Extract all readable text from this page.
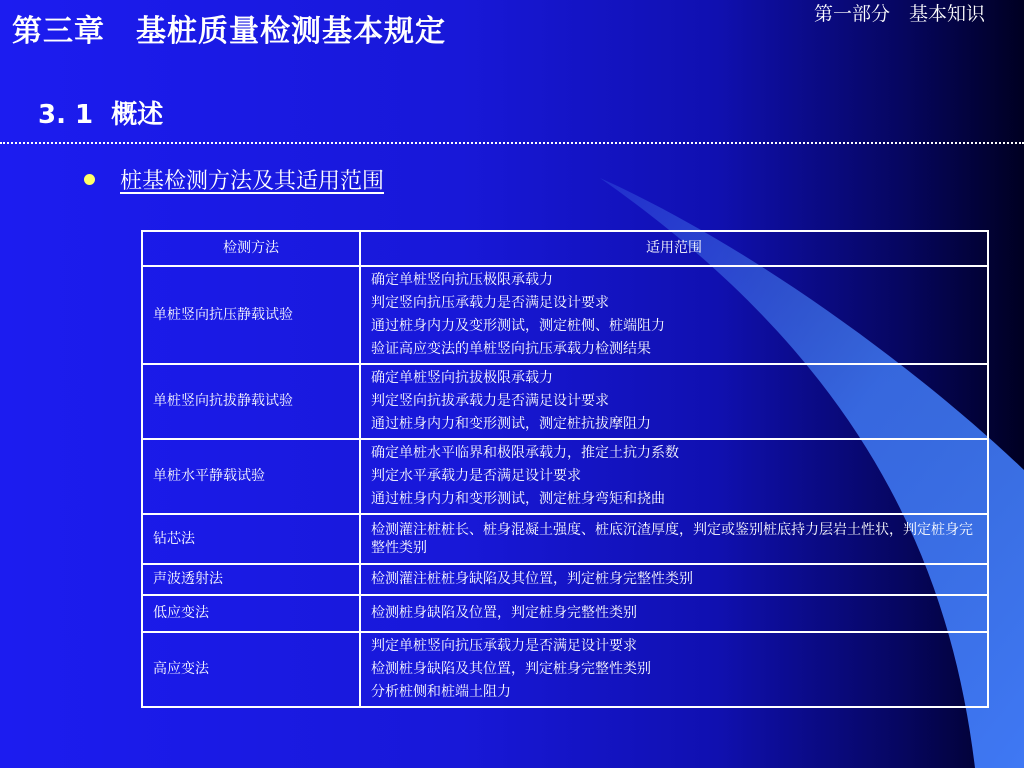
第三章　基桩质量检测基本规定	第一部分　基本知识
3. 1  概述
桩基检测方法及其适用范围
检测方法	适用范围
单桩竖向抗压静载试验	确定单桩竖向抗压极限承载力
判定竖向抗压承载力是否满足设计要求
通过桩身内力及变形测试，测定桩侧、桩端阻力
验证高应变法的单桩竖向抗压承载力检测结果

单桩竖向抗拔静载试验	确定单桩竖向抗拔极限承载力
判定竖向抗拔承载力是否满足设计要求
通过桩身内力和变形测试，测定桩抗拔摩阻力

单桩水平静载试验	确定单桩水平临界和极限承载力，推定土抗力系数
判定水平承载力是否满足设计要求
通过桩身内力和变形测试，测定桩身弯矩和挠曲

钻芯法	检测灌注桩桩长、桩身混凝土强度、桩底沉渣厚度，判定或鉴别桩底持力层岩土性状，判定桩身完整性类别

声波透射法	检测灌注桩桩身缺陷及其位置，判定桩身完整性类别

低应变法	检测桩身缺陷及位置，判定桩身完整性类别

高应变法	判定单桩竖向抗压承载力是否满足设计要求
检测桩身缺陷及其位置，判定桩身完整性类别
分析桩侧和桩端土阻力
